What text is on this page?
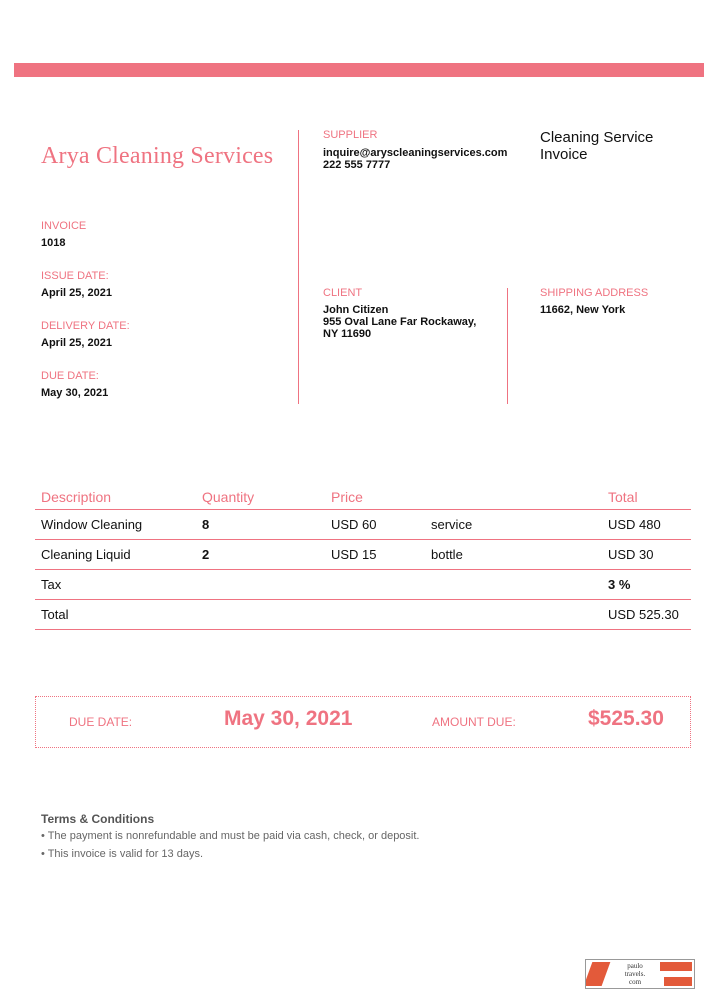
Arya Cleaning Services
INVOICE
1018
ISSUE DATE:
April 25, 2021
DELIVERY DATE:
April 25, 2021
DUE DATE:
May 30, 2021
SUPPLIER
inquire@aryscleaningservices.com
222 555 7777
Cleaning Service Invoice
CLIENT
John Citizen
955 Oval Lane Far Rockaway,
NY 11690
SHIPPING ADDRESS
11662, New York
Description	Quantity	Price		Total
Window Cleaning	8	USD 60	service	USD 480
Cleaning Liquid	2	USD 15	bottle	USD 30
Tax				3 %
Total				USD 525.30
DUE DATE:	May 30, 2021	AMOUNT DUE:	$525.30
Terms & Conditions
• The payment is nonrefundable and must be paid via cash, check, or deposit.
• This invoice is valid for 13 days.
paulo
travels.
com
